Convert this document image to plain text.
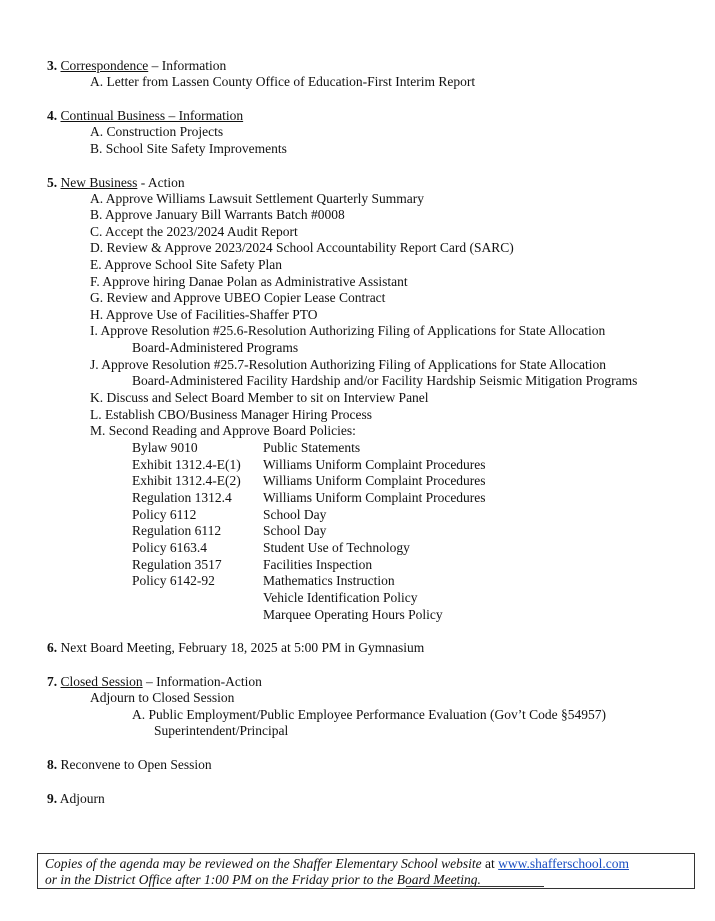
3. Correspondence – Information
A. Letter from Lassen County Office of Education-First Interim Report
4. Continual Business – Information
A. Construction Projects
B. School Site Safety Improvements
5. New Business - Action
A. Approve Williams Lawsuit Settlement Quarterly Summary
B. Approve January Bill Warrants Batch #0008
C. Accept the 2023/2024 Audit Report
D. Review & Approve 2023/2024 School Accountability Report Card (SARC)
E. Approve School Site Safety Plan
F. Approve hiring Danae Polan as Administrative Assistant
G. Review and Approve UBEO Copier Lease Contract
H. Approve Use of Facilities-Shaffer PTO
I. Approve Resolution #25.6-Resolution Authorizing Filing of Applications for State Allocation
Board-Administered Programs
J. Approve Resolution #25.7-Resolution Authorizing Filing of Applications for State Allocation
Board-Administered Facility Hardship and/or Facility Hardship Seismic Mitigation Programs
K. Discuss and Select Board Member to sit on Interview Panel
L. Establish CBO/Business Manager Hiring Process
M. Second Reading and Approve Board Policies:
Bylaw 9010	Public Statements
Exhibit 1312.4-E(1) Williams Uniform Complaint Procedures
Exhibit 1312.4-E(2) Williams Uniform Complaint Procedures
Regulation 1312.4 Williams Uniform Complaint Procedures
Policy 6112	School Day
Regulation 6112	School Day
Policy 6163.4	Student Use of Technology
Regulation 3517	Facilities Inspection
Policy 6142-92	Mathematics Instruction
Vehicle Identification Policy
Marquee Operating Hours Policy
6. Next Board Meeting, February 18, 2025 at 5:00 PM in Gymnasium
7. Closed Session – Information-Action
Adjourn to Closed Session
A. Public Employment/Public Employee Performance Evaluation (Gov’t Code §54957)
Superintendent/Principal
8. Reconvene to Open Session
9. Adjourn
Copies of the agenda may be reviewed on the Shaffer Elementary School website at www.shafferschool.com
or in the District Office after 1:00 PM on the Friday prior to the Board Meeting.
